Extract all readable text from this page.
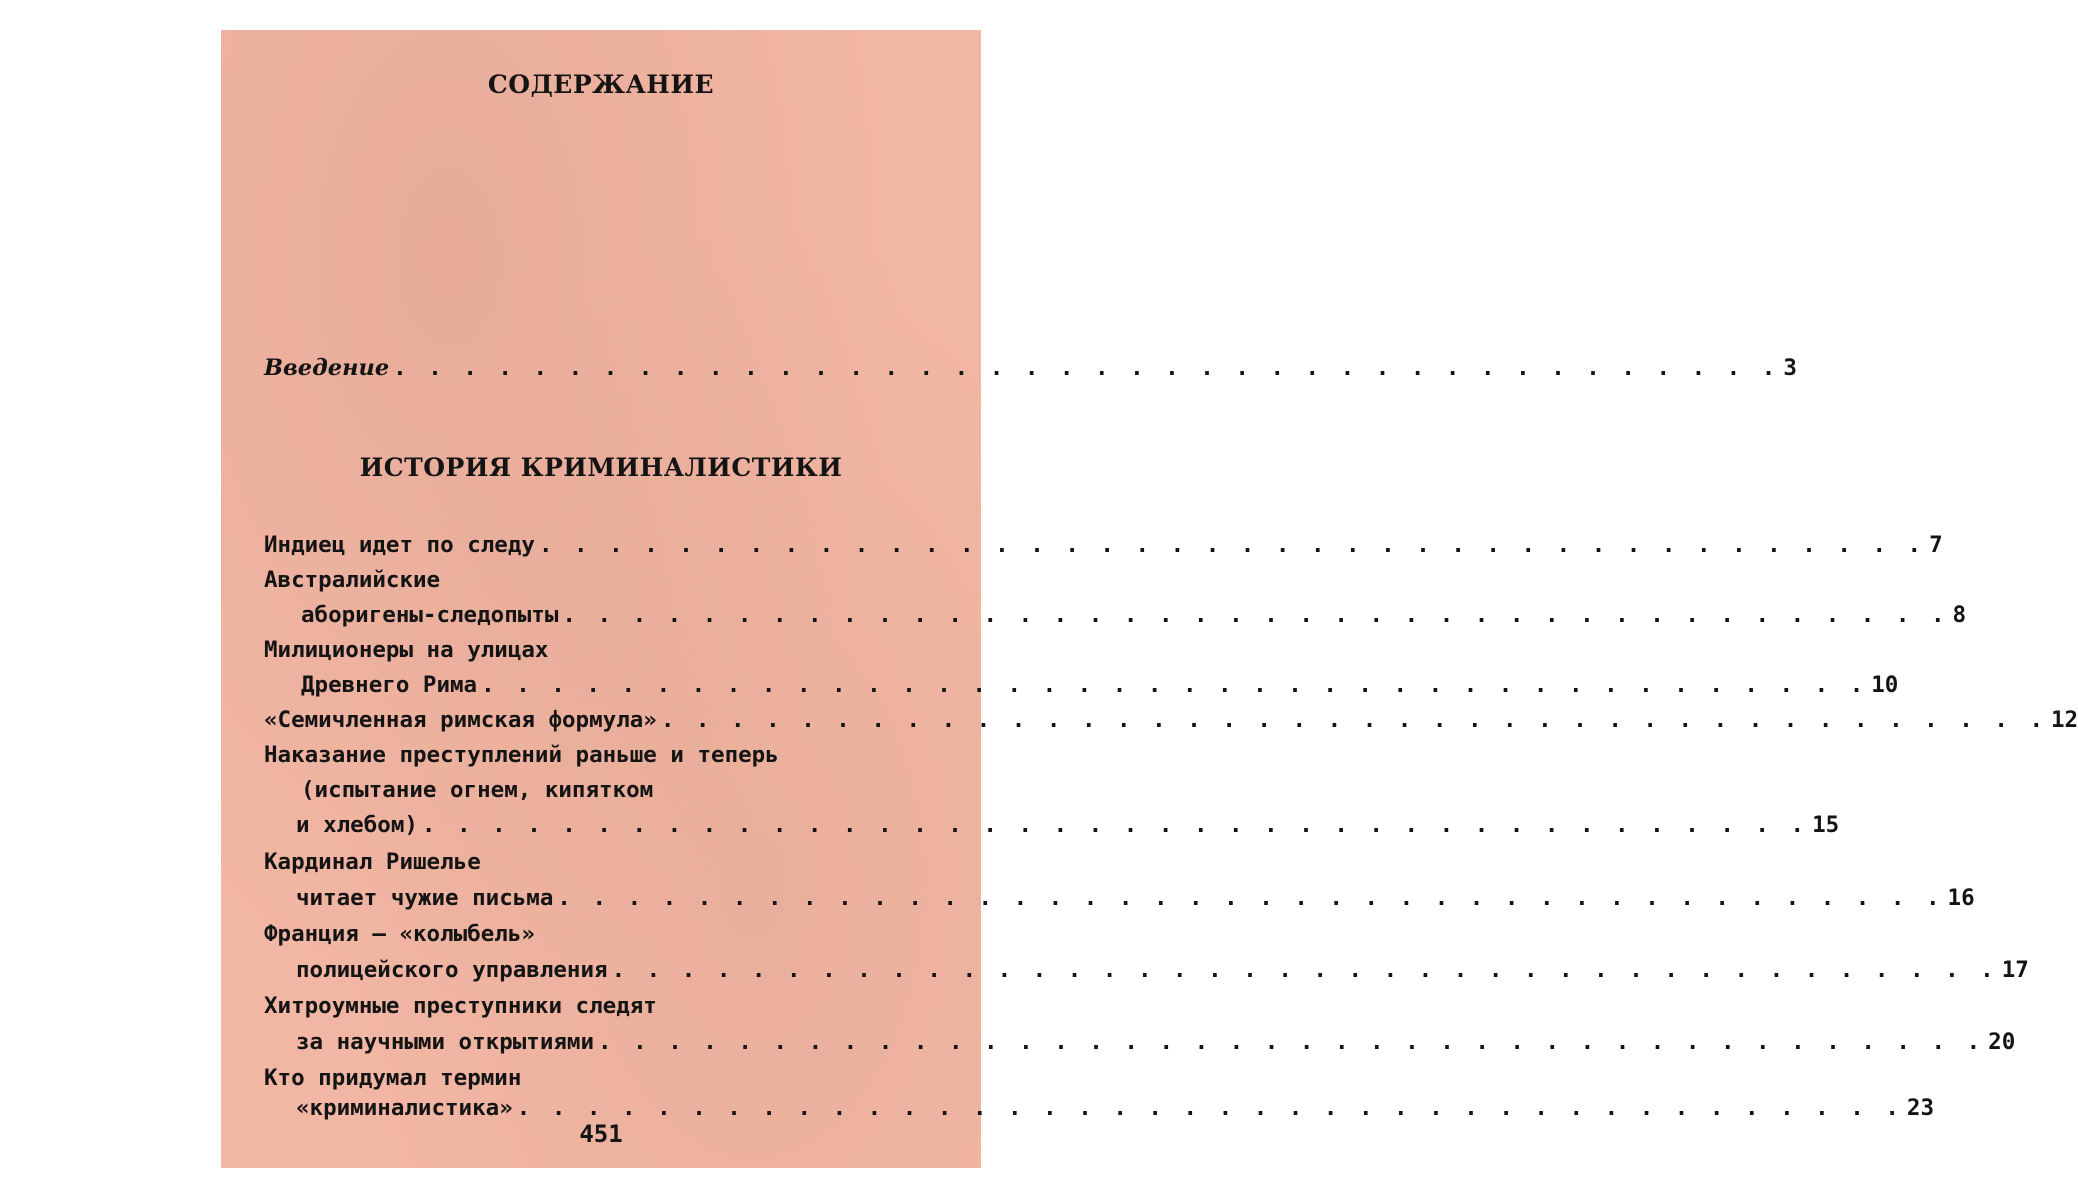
СОДЕРЖАНИЕ
Введение . . . . . . . . . . . . . . . . . . . . . . . . . . . . . . . . . . . . . . . . 3
ИСТОРИЯ КРИМИНАЛИСТИКИ
Индиец идет по следу . . . . . . . . . . . . . . . . . . . . . . . . . . . . . . . . . . . . . . . . 7
Австралийские
аборигены-следопыты . . . . . . . . . . . . . . . . . . . . . . . . . . . . . . . . . . . . . . . . 8
Милиционеры на улицах
Древнего Рима . . . . . . . . . . . . . . . . . . . . . . . . . . . . . . . . . . . . . . . . 10
«Семичленная римская формула» . . . . . . . . . . . . . . . . . . . . . . . . . . . . . . . . . . . . . . . . 12
Наказание преступлений раньше и теперь
(испытание огнем, кипятком
и хлебом) . . . . . . . . . . . . . . . . . . . . . . . . . . . . . . . . . . . . . . . . 15
Кардинал Ришелье
читает чужие письма . . . . . . . . . . . . . . . . . . . . . . . . . . . . . . . . . . . . . . . . 16
Франция — «колыбель»
полицейского управления . . . . . . . . . . . . . . . . . . . . . . . . . . . . . . . . . . . . . . . . 17
Хитроумные преступники следят
за научными открытиями . . . . . . . . . . . . . . . . . . . . . . . . . . . . . . . . . . . . . . . . 20
Кто придумал термин
«криминалистика» . . . . . . . . . . . . . . . . . . . . . . . . . . . . . . . . . . . . . . . . 23
451
